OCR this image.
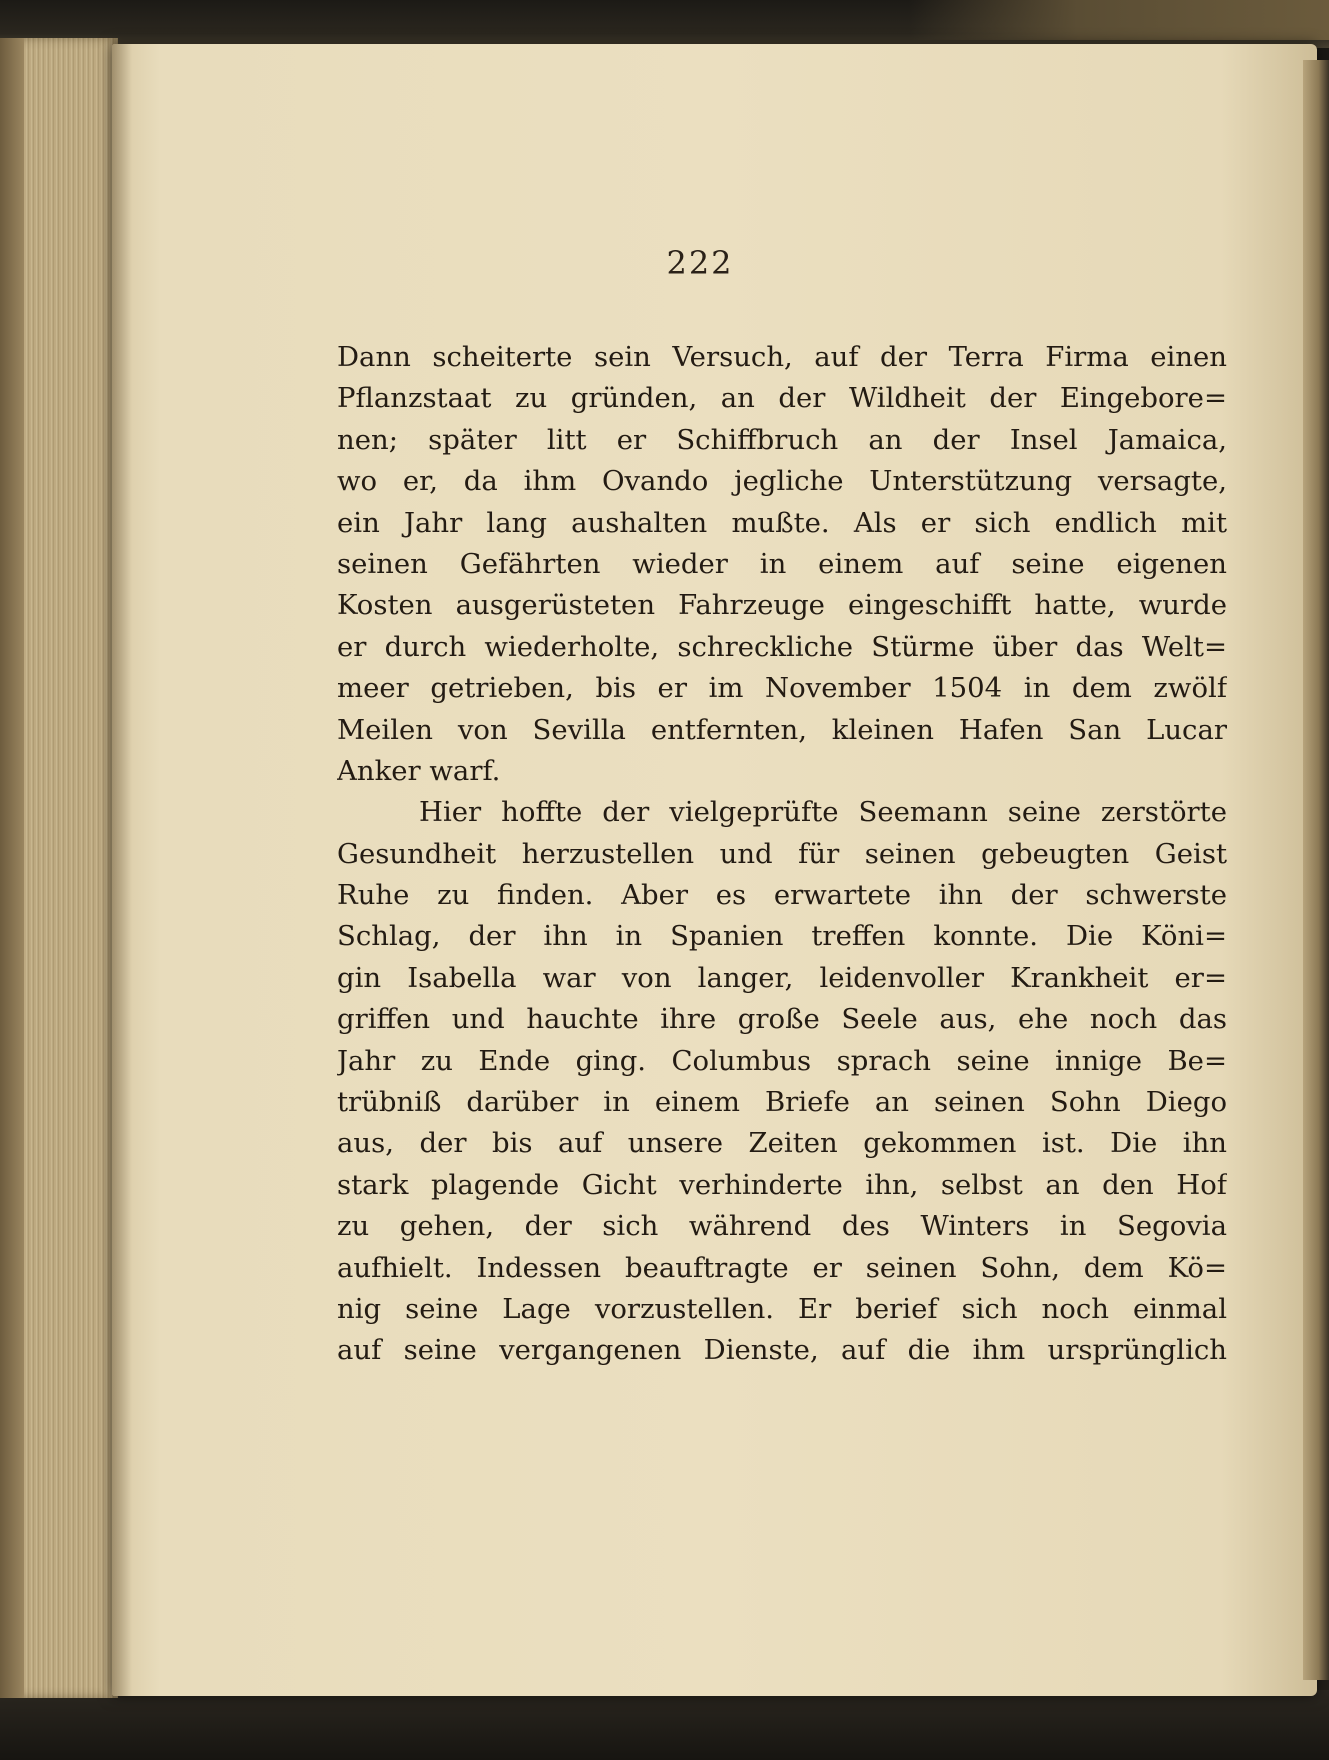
222
Dann scheiterte sein Versuch, auf der Terra Firma einen
Pflanzstaat zu gründen, an der Wildheit der Eingebore=
nen; später litt er Schiffbruch an der Insel Jamaica,
wo er, da ihm Ovando jegliche Unterstützung versagte,
ein Jahr lang aushalten mußte. Als er sich endlich mit
seinen Gefährten wieder in einem auf seine eigenen
Kosten ausgerüsteten Fahrzeuge eingeschifft hatte, wurde
er durch wiederholte, schreckliche Stürme über das Welt=
meer getrieben, bis er im November 1504 in dem zwölf
Meilen von Sevilla entfernten, kleinen Hafen San Lucar
Anker warf.
Hier hoffte der vielgeprüfte Seemann seine zerstörte
Gesundheit herzustellen und für seinen gebeugten Geist
Ruhe zu finden. Aber es erwartete ihn der schwerste
Schlag, der ihn in Spanien treffen konnte. Die Köni=
gin Isabella war von langer, leidenvoller Krankheit er=
griffen und hauchte ihre große Seele aus, ehe noch das
Jahr zu Ende ging. Columbus sprach seine innige Be=
trübniß darüber in einem Briefe an seinen Sohn Diego
aus, der bis auf unsere Zeiten gekommen ist. Die ihn
stark plagende Gicht verhinderte ihn, selbst an den Hof
zu gehen, der sich während des Winters in Segovia
aufhielt. Indessen beauftragte er seinen Sohn, dem Kö=
nig seine Lage vorzustellen. Er berief sich noch einmal
auf seine vergangenen Dienste, auf die ihm ursprünglich
